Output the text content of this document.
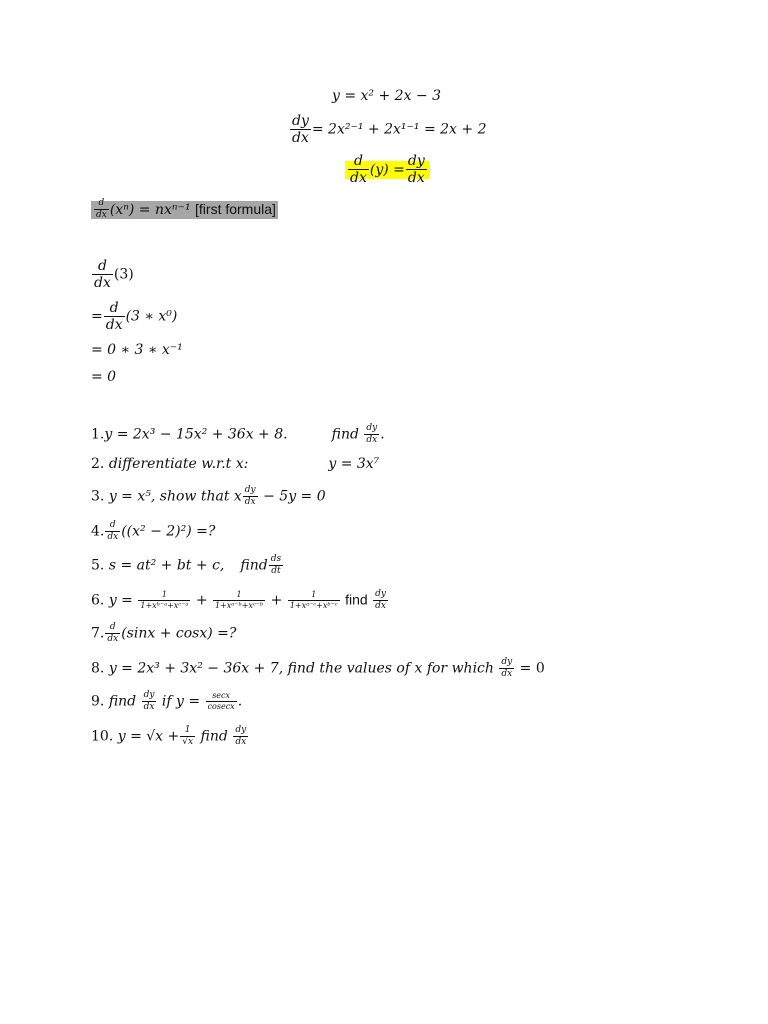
y = x² + 2x − 3
$\frac{dy}{dx} = 2x^{2-1} + 2x^{1-1} = 2x + 2$
$\frac{d}{dx} (y) = \frac{dy}{dx}$
$\frac{d}{dx} (x^n) = nx^{n-1}$ [first formula]
$\frac{d}{dx} (3)$
= $\frac{d}{dx} (3$ ∗ x⁰)
= 0 ∗ 3 ∗ x⁻¹
= 0
1.y = 2x³ − 15x² + 36x + 8.	find $\frac{dy}{dx}$ .
2. differentiate w.r.t x:	y = 3x⁷
3. y = x⁵, show that x $\frac{dy}{dx} - 5y = 0$
4. $\frac{d}{dx} ((x^2 - 2)^2)$ =?
5. s = at² + bt + c, find $\frac{ds}{dt}$
6. $y = \frac{1}{\text{1+xᵇ⁻ᵃ+xᶜ⁻ᵃ}} + \frac{1}{\text{1+xᵃ⁻ᵇ+xᶜ⁻ᵇ}} + \frac{1}{\text{1+xᵃ⁻ᶜ+xᵇ⁻ᶜ}}$ find $\frac{dy}{dx}$
7. $\frac{d}{dx} (\sin x + \cos x)$ =?
8. y = 2x³ + 3x² − 36x + 7, find the values of x for which $\frac{dy}{dx} = 0$
9. find $\frac{dy}{dx}$ if $y = \frac{\sec x}{cosecx}$ .
10. $y = √x + \frac{1}{√x}$ find $\frac{dy}{dx}$
